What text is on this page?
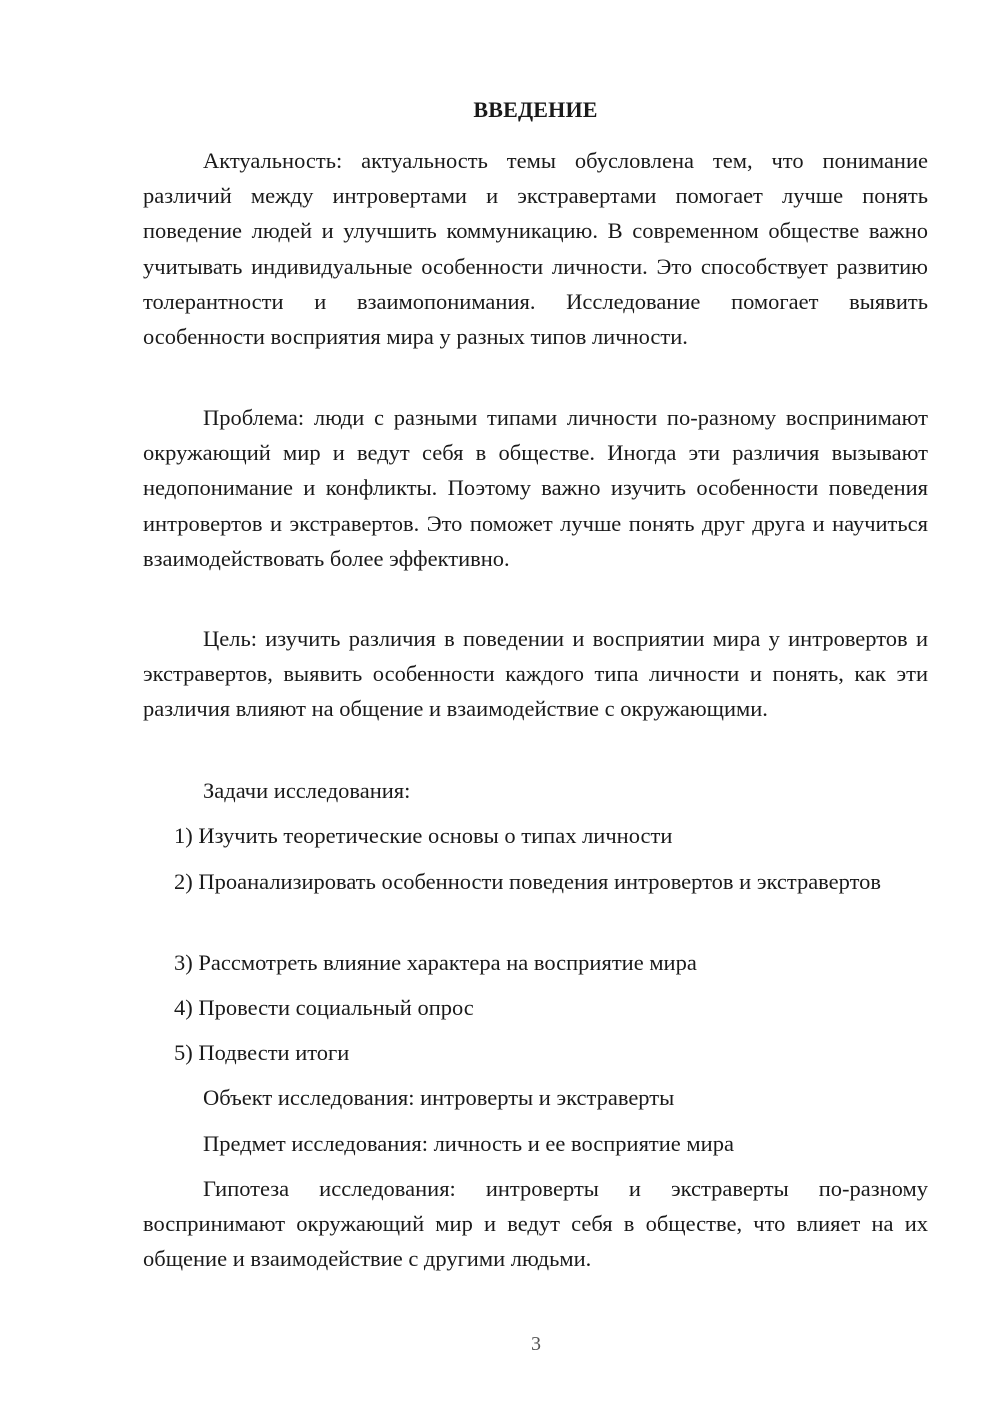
ВВЕДЕНИЕ

Актуальность: актуальность темы обусловлена тем, что понимание различий между интровертами и экстравертами помогает лучше понять поведение людей и улучшить коммуникацию. В современном обществе важно учитывать индивидуальные особенности личности. Это способствует развитию толерантности и взаимопонимания. Исследование помогает выявить особенности восприятия мира у разных типов личности.

Проблема: люди с разными типами личности по-разному воспринимают окружающий мир и ведут себя в обществе. Иногда эти различия вызывают недопонимание и конфликты. Поэтому важно изучить особенности поведения интровертов и экстравертов. Это поможет лучше понять друг друга и научиться взаимодействовать более эффективно.

Цель: изучить различия в поведении и восприятии мира у интровертов и экстравертов, выявить особенности каждого типа личности и понять, как эти различия влияют на общение и взаимодействие с окружающими.

Задачи исследования:

1) Изучить теоретические основы о типах личности

2) Проанализировать особенности поведения интровертов и экстравертов

3) Рассмотреть влияние характера на восприятие мира

4) Провести социальный опрос

5) Подвести итоги

Объект исследования: интроверты и экстраверты

Предмет исследования: личность и ее восприятие мира

Гипотеза исследования: интроверты и экстраверты по-разному воспринимают окружающий мир и ведут себя в обществе, что влияет на их общение и взаимодействие с другими людьми.

3
